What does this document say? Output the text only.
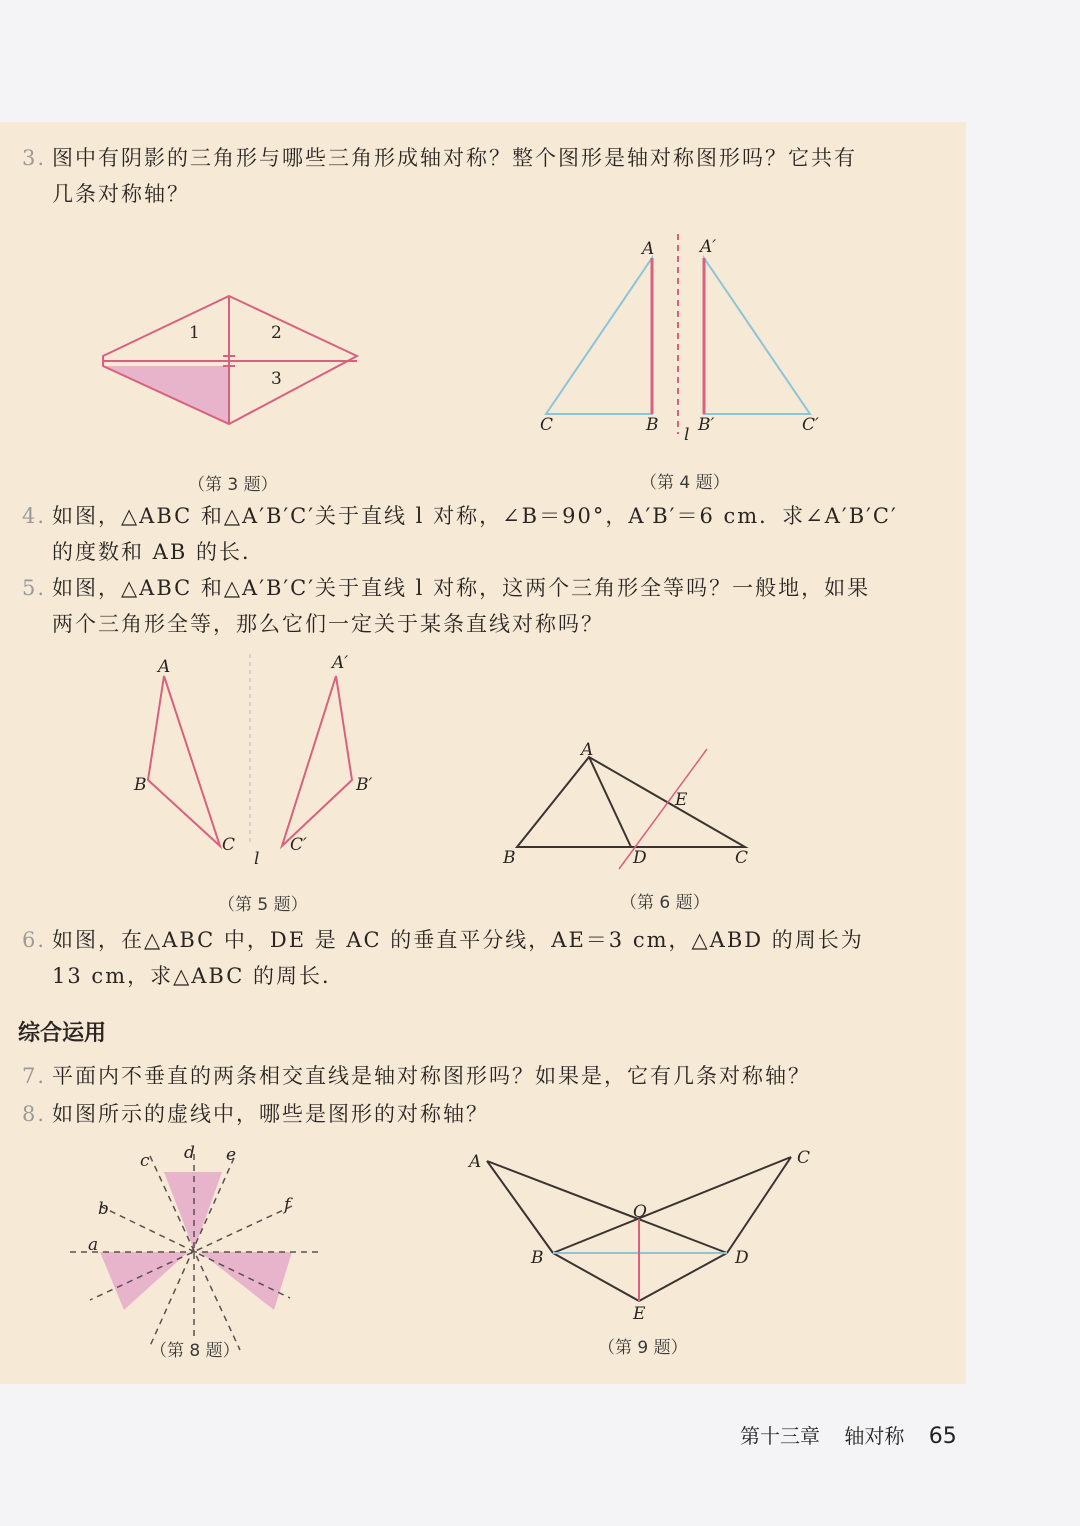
3. 图中有阴影的三角形与哪些三角形成轴对称？整个图形是轴对称图形吗？它共有
几条对称轴？
1	2
3
（第 3 题）
A	A′
C	B B′	C′
l
（第 4 题）
4. 如图，△ABC 和△A′B′C′关于直线 l 对称，∠B＝90°，A′B′＝6 cm．求∠A′B′C′
的度数和 AB 的长．
5. 如图，△ABC 和△A′B′C′关于直线 l 对称，这两个三角形全等吗？一般地，如果
两个三角形全等，那么它们一定关于某条直线对称吗？
A	A′
B	B′
C	C′
l
（第 5 题）
A
B	C
D
E
（第 6 题）
6. 如图，在△ABC 中，DE 是 AC 的垂直平分线，AE＝3 cm，△ABD 的周长为
13 cm，求△ABC 的周长．
综合运用
7. 平面内不垂直的两条相交直线是轴对称图形吗？如果是，它有几条对称轴？
8. 如图所示的虚线中，哪些是图形的对称轴？
a
b
c d e
f
（第 8 题）
A	C
B	D
E
O
（第 9 题）
第十三章 轴对称 65
